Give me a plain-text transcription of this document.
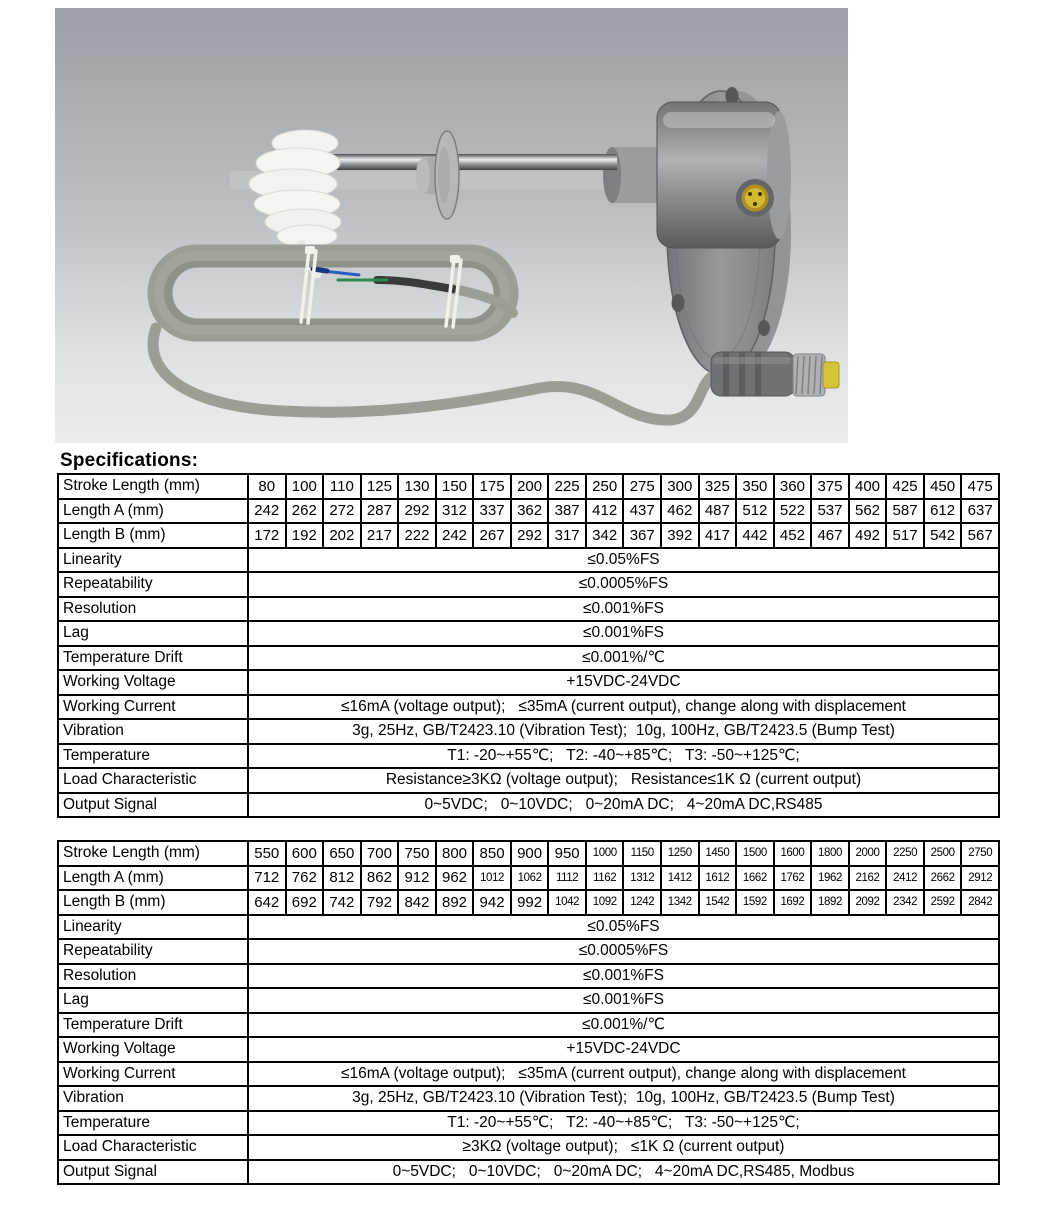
Specifications:
Stroke Length (mm)	80	100	110	125	130	150	175	200	225	250	275	300	325	350	360	375	400	425	450	475
Length A (mm)	242	262	272	287	292	312	337	362	387	412	437	462	487	512	522	537	562	587	612	637
Length B (mm)	172	192	202	217	222	242	267	292	317	342	367	392	417	442	452	467	492	517	542	567
Linearity	≤0.05%FS																			
Repeatability	≤0.0005%FS																			
Resolution	≤0.001%FS																			
Lag	≤0.001%FS																			
Temperature Drift	≤0.001%/℃																			
Working Voltage	+15VDC-24VDC																			
Working Current	≤16mA (voltage output);   ≤35mA (current output), change along with displacement																			
Vibration	3g, 25Hz, GB/T2423.10 (Vibration Test);  10g, 100Hz, GB/T2423.5 (Bump Test)																			
Temperature	T1: -20~+55℃;   T2: -40~+85℃;   T3: -50~+125℃;																			
Load Characteristic	Resistance≥3KΩ (voltage output);   Resistance≤1K Ω (current output)																			
Output Signal	0~5VDC;   0~10VDC;   0~20mA DC;   4~20mA DC,RS485																			
Stroke Length (mm)	550	600	650	700	750	800	850	900	950	1000	1150	1250	1450	1500	1600	1800	2000	2250	2500	2750
Length A (mm)	712	762	812	862	912	962	1012	1062	1112	1162	1312	1412	1612	1662	1762	1962	2162	2412	2662	2912
Length B (mm)	642	692	742	792	842	892	942	992	1042	1092	1242	1342	1542	1592	1692	1892	2092	2342	2592	2842
Linearity	≤0.05%FS																			
Repeatability	≤0.0005%FS																			
Resolution	≤0.001%FS																			
Lag	≤0.001%FS																			
Temperature Drift	≤0.001%/℃																			
Working Voltage	+15VDC-24VDC																			
Working Current	≤16mA (voltage output);   ≤35mA (current output), change along with displacement																			
Vibration	3g, 25Hz, GB/T2423.10 (Vibration Test);  10g, 100Hz, GB/T2423.5 (Bump Test)																			
Temperature	T1: -20~+55℃;   T2: -40~+85℃;   T3: -50~+125℃;																			
Load Characteristic	≥3KΩ (voltage output);   ≤1K Ω (current output)																			
Output Signal	0~5VDC;   0~10VDC;   0~20mA DC;   4~20mA DC,RS485, Modbus																			
